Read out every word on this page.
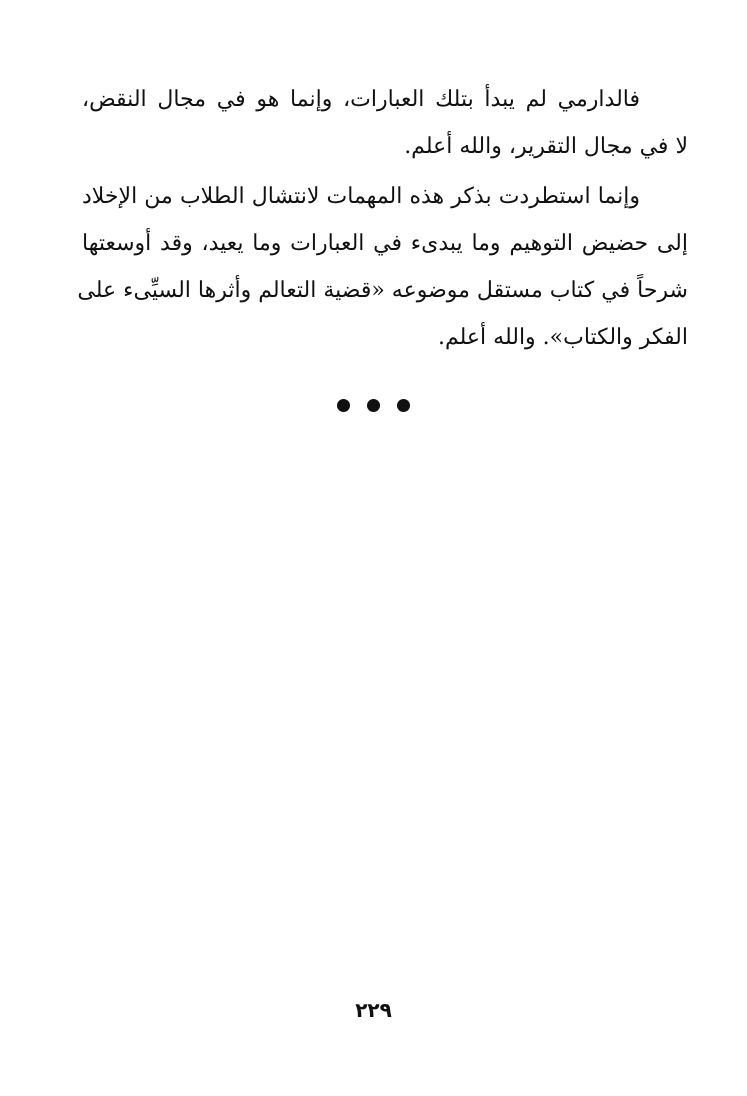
فالدارمي لم يبدأ بتلك العبارات، وإنما هو في مجال النقض،
لا في مجال التقرير، والله أعلم.
وإنما استطردت بذكر هذه المهمات لانتشال الطلاب من الإخلاد
إلى حضيض التوهيم وما يبدىء في العبارات وما يعيد، وقد أوسعتها
شرحاً في كتاب مستقل موضوعه «قضية التعالم وأثرها السيِّىء على
الفكر والكتاب». والله أعلم.

٢٢٩
